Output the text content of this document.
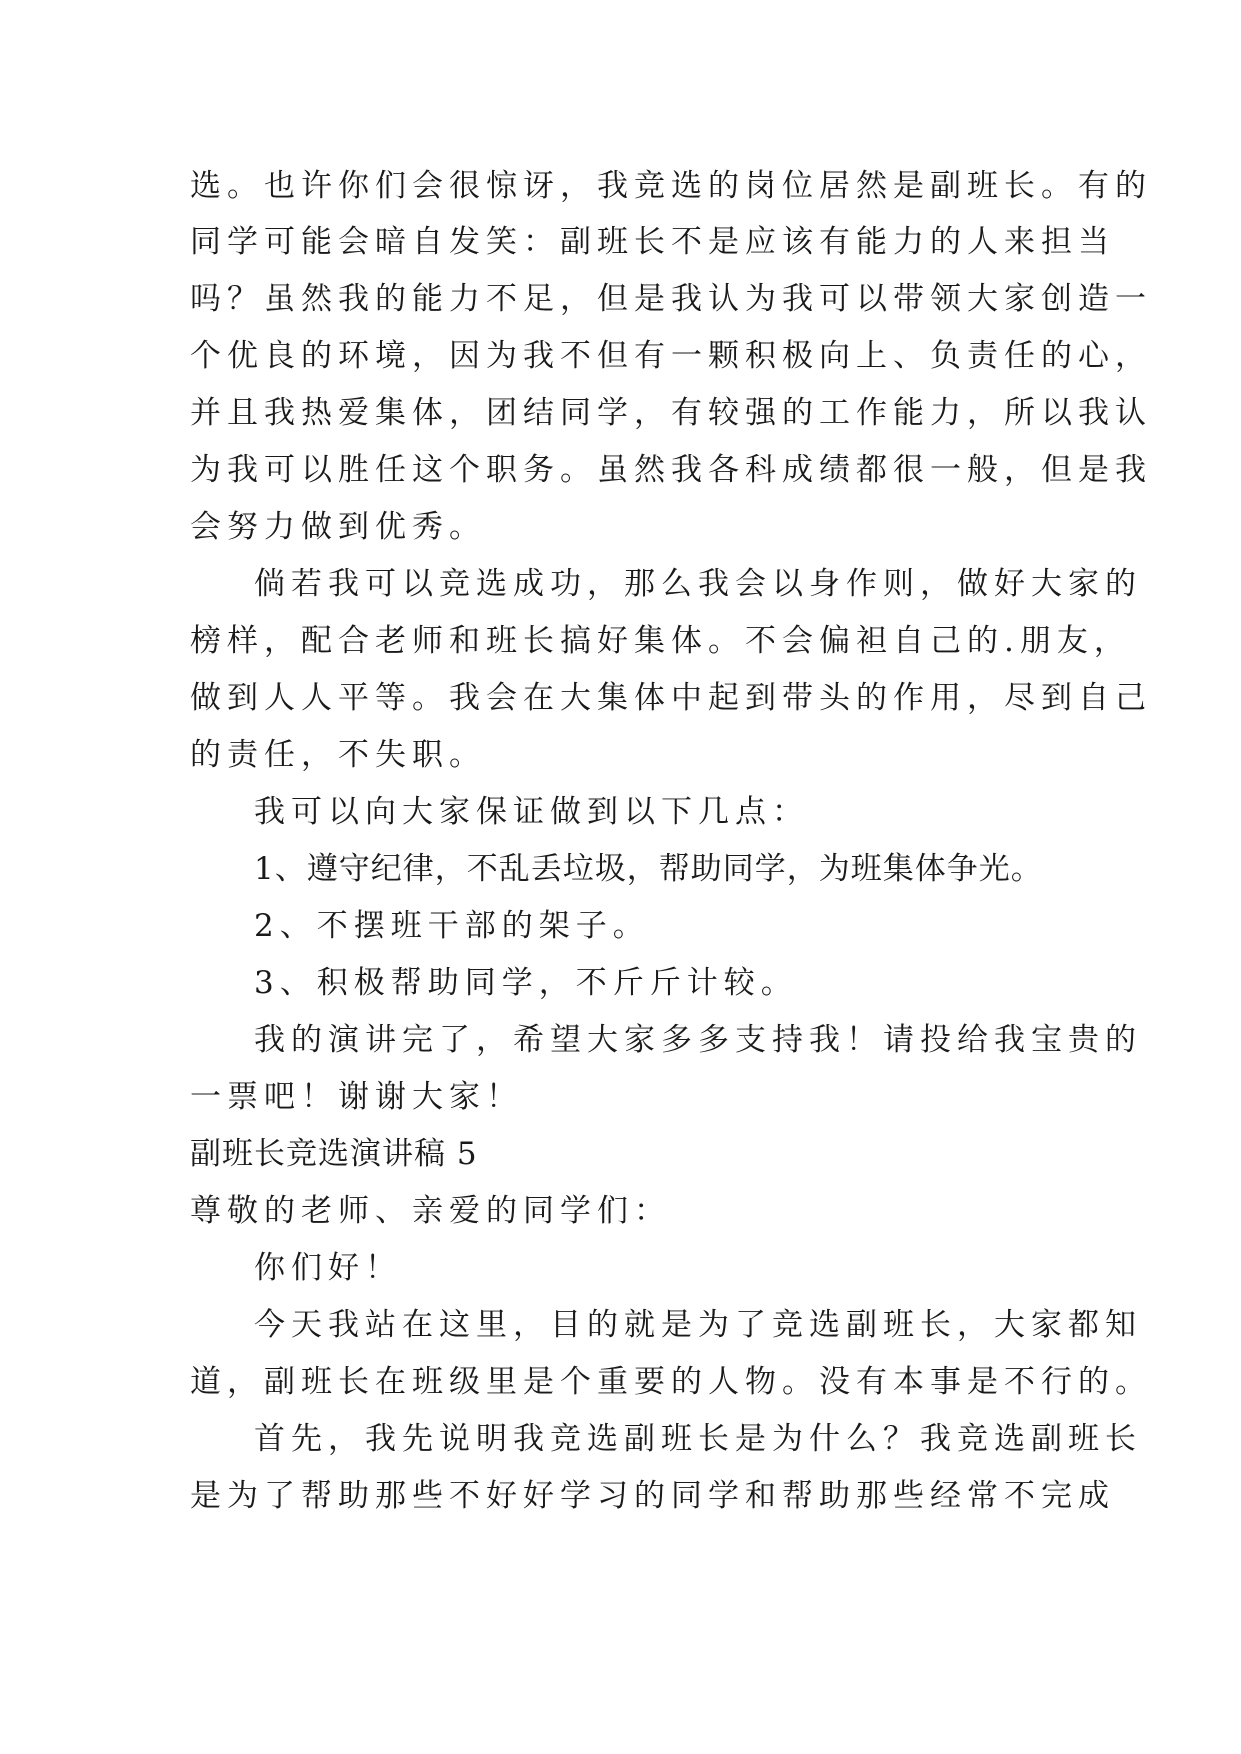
选。也许你们会很惊讶，我竞选的岗位居然是副班长。有的
同学可能会暗自发笑：副班长不是应该有能力的人来担当
吗？虽然我的能力不足，但是我认为我可以带领大家创造一
个优良的环境，因为我不但有一颗积极向上、负责任的心，
并且我热爱集体，团结同学，有较强的工作能力，所以我认
为我可以胜任这个职务。虽然我各科成绩都很一般，但是我
会努力做到优秀。
倘若我可以竞选成功，那么我会以身作则，做好大家的
榜样，配合老师和班长搞好集体。不会偏袒自己的.朋友，
做到人人平等。我会在大集体中起到带头的作用，尽到自己
的责任，不失职。
我可以向大家保证做到以下几点：
1、遵守纪律，不乱丢垃圾，帮助同学，为班集体争光。
2、不摆班干部的架子。
3、积极帮助同学，不斤斤计较。
我的演讲完了，希望大家多多支持我！请投给我宝贵的
一票吧！谢谢大家！
副班长竞选演讲稿 5
尊敬的老师、亲爱的同学们：
你们好！
今天我站在这里，目的就是为了竞选副班长，大家都知
道，副班长在班级里是个重要的人物。没有本事是不行的。
首先，我先说明我竞选副班长是为什么？我竞选副班长
是为了帮助那些不好好学习的同学和帮助那些经常不完成
